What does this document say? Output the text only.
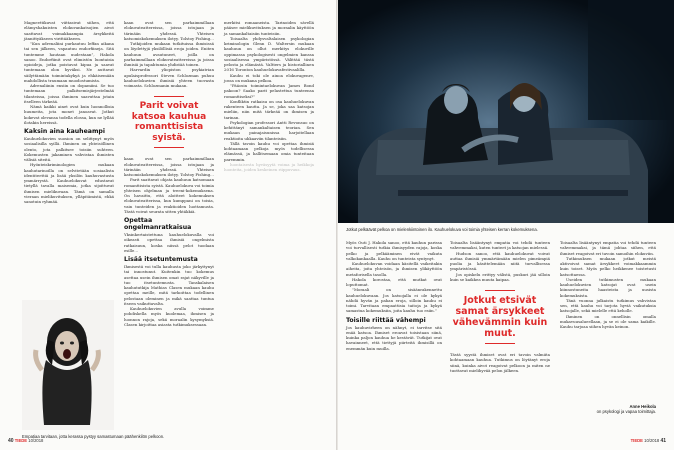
Magneettikuvat viittasivat siihen, että elämyshakuisten elokuvankatsojien aivot saattavat voimakkaampia ärsykkeitä jännittyäkseen virittääkseen.

”Kun adrenaliini purkautuu leffan aikana tai sen jälkeen, vapautuu endorfiineja. Sitä tuntemme hautaan uudestaan”, Hakola sanoo. Endorfiinit ovat elimistön luontaisia opioideja, jotka poistavat kipua ja saavat tuntemaan olon hyväksi. Ne auttavat säilyttämään toimintakykyä ja ehkäisemään mahdollista traumaan muodostumista.

Adrenaliinin ensiin on dopamiini. Se tuo tuntemaan palkitsemisjärjestelmää tilanteissa, joissa ihminen saavuttaa jotain itselleen tärkeää.

Nämä kaikki ainet ovat kuin luonnollisia huumeita, jota monet janoavat. Jotkut kokevat olevansa todella elossa, kun ne lyllää ilotakin hereissä.

Kaksin aina kauheampi

Kauhuelokuvien suosion on selittynyt myös sosiaalisilla syillä. Ihminen on yhteisöllinen olento, jota palkitsee toisiin suhteen. Kokemusten jakaminen vahvistaa ihmisten välisiä siteitä.

Hyönteiskriminologien mukaan kauhutarinoilla on selvitetään sosiaalista identiteettiä ja lisää yksilön kauhuvastusta ymmärrystä. Kauhuelokuvat edustavat tietyllä tavalla maisemia, jotka sijoittuvat ihmisen mielikuvaan. Tämä on samalla vieraan mielikuvituksen, ylläpitämistä, ehkä sanotuin ryhmää.

kaan ovat sen parhaimmillaan elokuvateattereissa, joissa istujaan ja tärinään yhdessä. Yhteisen katsomiskokemuksen ilotyy. Tolstoy Fishing...

Tutkijoiden mukaan tutkituissa ihmisissä on löydettyjä yksilöllisiä eroja joiden. Eniten kauhuun avautuneet, joilla on parhaimmillaan elokuvateattereissa ja joissa ihmisiä ja tapahtumia yhdistää toinen.

Harvardin yliopiston psykiatrian apulaisprofessori Steven Schlozman puhuu kauhuelokuvien ihmisiä yhteen tuovasta voimasta. Schlozmanin mukaan.

Parit voivat katsoa kauhua romanttisista syistä.

kaan ovat sen parhaimmillaan elokuvateattereissa, joissa istujaan ja tärinään yhdessä. Yhteisen katsomiskokemuksen ilotyy. Tolstoy Fishing...

Parit saattavat ohjata kauhuun katsomaan romanttisista syistä. Kauhuelokuva voi toimia yhteisen ohjelman ja treeni-kokemuksena. On havaittu, että aloitteet kokemuksen elokuvateatterissa, kun kumppani on toisia, vain tunteiden ja reaktioiden luottamusta. Tästä voivat seurata sitten yhtäkkiä.

Opettaa ongelmanratkaisua

Yksinkertaistettuna kauhuelokuvalla voi oikeasti opettaa ihmisiä ongelmista ratkaisuun, koska niissä pelot tuodaan esille...

Lisää itsetuntemusta

Ihmisestä voi tulla kauhusta joko järkyttynyt tai innostunut. Kuitenkin tuo kokemus asettaa usein ihmisen omat rajat näkyville ja tuo itsetuntemusta. Tanskalaisen kauhututkija Mathias Clasen mukaan kauhu opettaa meille, mitä tarkoittaa todellinen pelostaan oleminen ja mikä saattaa tuntua itseen vaikuttavalta.

Kauhuelokuvien avulla voimme pohdiskella myös kuolemaa, ihmisen ja luonnon rajoja, sekä moraalin kysymyksiä. Clasen kirjoittaa asiasta tutkimuksessaan.

merkitsi romaaneista. Tarinoiden sävellä pääsee mielikuvituksen ja moraalin käyttöön ja samankaltaisiin tunteisiin.

Toisaalta yhdysvaltalaisen psykologian kriminologin Glenn D. Waltersin mukaan kauhuun on ollut merkitys elokuville oppimassa psykologisesti ongelmien kanssa sosiaalisessa ympäristössä. Välittää tästä pelosta ja elämästä. Valtters ja historiallinen 2016 Toronton kauhuelokuvafestivaalilla.

Kauhu ei toki ole ainoa elokuvagenre, jossa on mukana pelkoa.

”Pääosin toimintaelokuvan James Bond pakoon? Saako parit pelastettua tunteensa romanttiseksi?”

Konfliktin ratkaisu on osa kauhuelokuvan rakenteen kautta. Ja se, joka saa katsojan mieliin, niin mitä tärkeää on ihmisen ja tarinan.

Psykologian professori Antti Revonsuo on kehittänyt samankaltaisen teorian. Sen mukaan painajaisunissa harjoitellaan reaktioita uhkaaviin tilanteisiin.

Tällä tavoin kauhu voi opettaa ihmisiä kohtaamaan pelkoja myös todellisessa elämässä, ja hallitsemaan omia tunteitaan paremmin.

luontaisesta hyväsyytä voima ja heikkoja luonteita, joiden keskeinen riippuvuus.

Empatiaa tarvitaan, jotta kerassa pystyy samastumaan päähenkilön pelkoon.
40 TIEDE 10/2018
Jotkut pelkäävät pelkoa on mielenkiintoinen ilo. Kauhuelokuva voi toimia yhteisen kerran kokemuksena.

Myös Outi J. Hakola sanoo, että kauhun parissa voi turvallisesti tutkia ihmisyyden rajoja, koska pelko ja pelkääminen eivät vaikuta valkokankaalla. Kauhu on tunteista syntynyt.

Kauhuelokuvan voidaan käsitellä vaikeitakin aiheita, joita yhteisön, ja ihmisen ylikäyttöön metaforisella tasolla.

Hakola korostaa, että mutkat ovat loputtomat.

”Moraali on sisäänrakennettu kauhuelokuvaan. Jos katsojalla ei ole kykyä nähdä hyvän ja pahan eroja, silloin kauhu ei toimi. Tarvitaan empaattisia taitoja ja kykyä samastua kokemuksiin, joita kauhu tuo esiin.”

Toisille riittää vähempi

Jos kauhuvirheen on nähnyt, ei tarvitse sitä enää katsoa. Ihmiset eroavat toisistaan siinä, kuinka paljon kauhua he kestävät. Tutkijat ovat havainneet, että tiettyjä piirteitä ihmisillä on enemmän kuin muilla.

Toisaalta lisääntynyt empatia voi tehdä tunteen vahvemmaksi, kuten tunteet ja katsojan mielessä.

Hudson sanoo, että kauhuelokuvat voivat auttaa ihmisiä ymmärtämään mielen pimeämpiä puolia ja käsittelemään niitä turvallisessa ympäristössä.

Jos opiskelu erittyy välistä, puskuri jää silloin kuin se kaikkea muuta kaipaa.

Jotkut etsivät samat ärsykkeet vähevämmin kuin muut.

Tästä syystä ihmiset ovat eri tavoin valmiita kohtaamaan kauhua. Tutkimus on löytänyt eroja siinä, kuinka aivot reagoivat pelkoon ja miten ne tuottavat mielihyvää pelon jälkeen.

Toisaalta lisääntynyt empatia voi tehdä tunteen vahvemmaksi, ja tämä johtaa siihen, että ihmiset reagoivat eri tavoin samoihin elokuviin.

Tutkimuksen mukaan jotkut meistä aktivoivat samat ärsykkeet voimakkaammin kuin toiset. Myös pelko heikkenee toistetusti katsottaessa.

Useiden tutkimusten mukaan kauhuelokuvien katsojat ovat usein kiinnostuneita haasteista ja uusista kokemuksista.

Tänä vuonna julkaistu tutkimus vahvistaa sen, että kauhu voi tarjota hyviä vaikutuksia katsojalle, sekä mielelle että keholle.

Ihminen on onnellisin omalla mukavuusalueellaan, ja se ei ole sama kaikille. Kauhu tarjoaa siihen hyvän keinon.

Anne Heikola
on psykologi ja vapaa toimittaja.
TIEDE 10/2018 41
